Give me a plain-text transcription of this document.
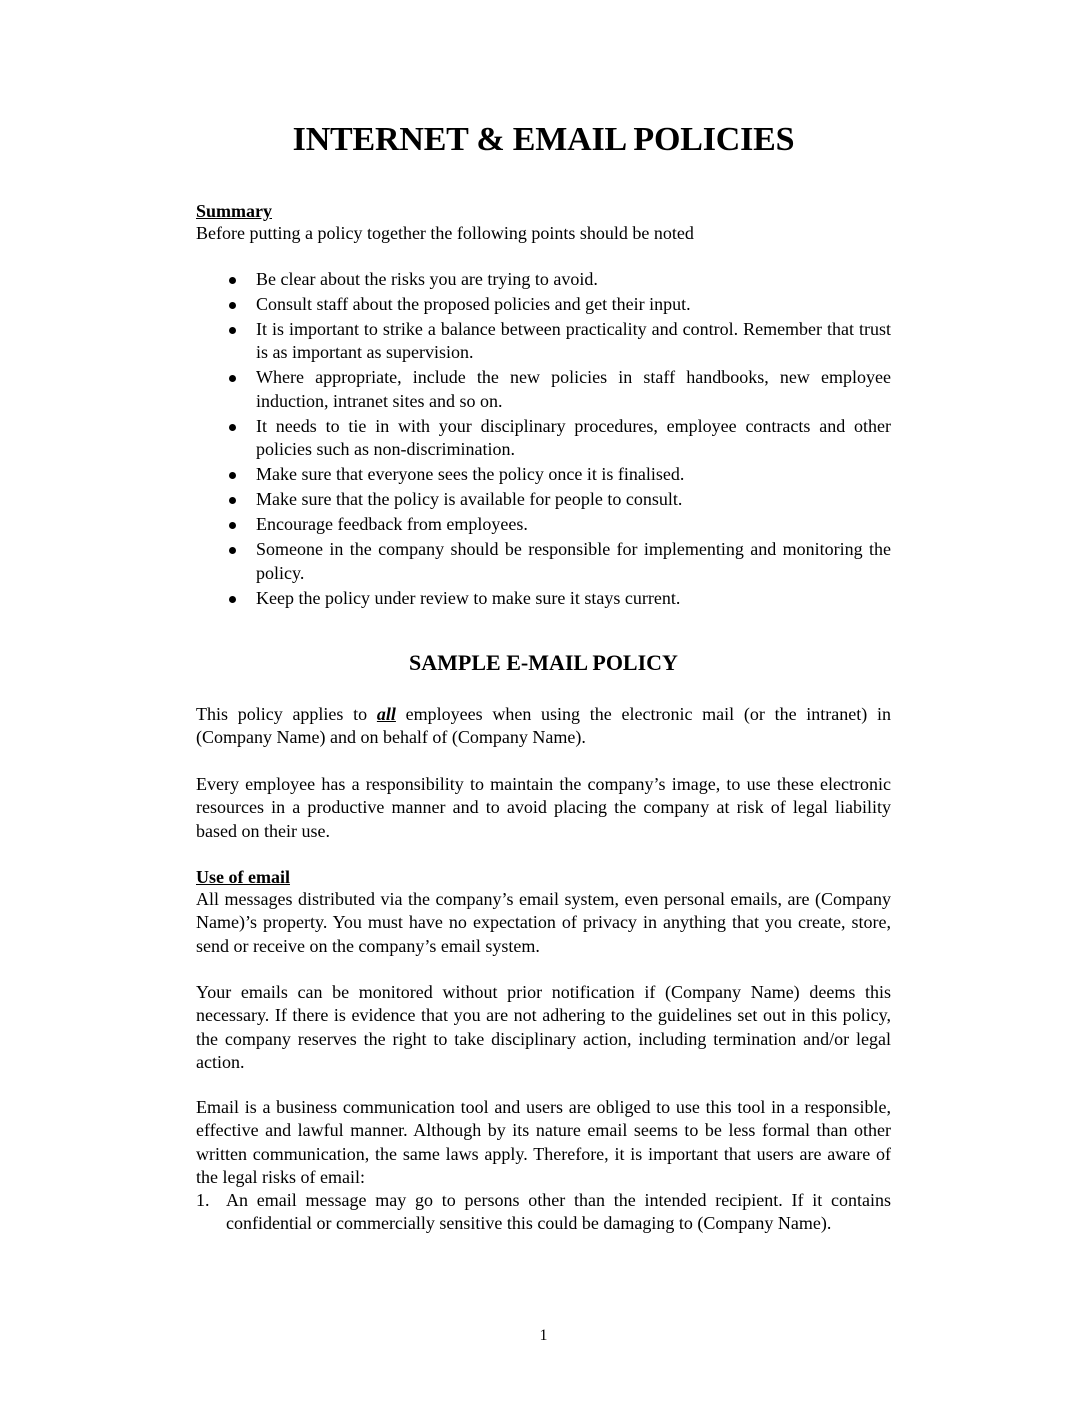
INTERNET & EMAIL POLICIES

Summary

Before putting a policy together the following points should be noted

Be clear about the risks you are trying to avoid.
Consult staff about the proposed policies and get their input.
It is important to strike a balance between practicality and control. Remember that trust is as important as supervision.
Where appropriate, include the new policies in staff handbooks, new employee induction, intranet sites and so on.
It needs to tie in with your disciplinary procedures, employee contracts and other policies such as non-discrimination.
Make sure that everyone sees the policy once it is finalised.
Make sure that the policy is available for people to consult.
Encourage feedback from employees.
Someone in the company should be responsible for implementing and monitoring the policy.
Keep the policy under review to make sure it stays current.
SAMPLE E-MAIL POLICY

This policy applies to all employees when using the electronic mail (or the intranet) in (Company Name) and on behalf of (Company Name).

Every employee has a responsibility to maintain the company’s image, to use these electronic resources in a productive manner and to avoid placing the company at risk of legal liability based on their use.

Use of email

All messages distributed via the company’s email system, even personal emails, are (Company Name)’s property. You must have no expectation of privacy in anything that you create, store, send or receive on the company’s email system.

Your emails can be monitored without prior notification if (Company Name) deems this necessary. If there is evidence that you are not adhering to the guidelines set out in this policy, the company reserves the right to take disciplinary action, including termination and/or legal action.

Email is a business communication tool and users are obliged to use this tool in a responsible, effective and lawful manner. Although by its nature email seems to be less formal than other written communication, the same laws apply. Therefore, it is important that users are aware of the legal risks of email:

1. An email message may go to persons other than the intended recipient. If it contains confidential or commercially sensitive this could be damaging to (Company Name).
1
